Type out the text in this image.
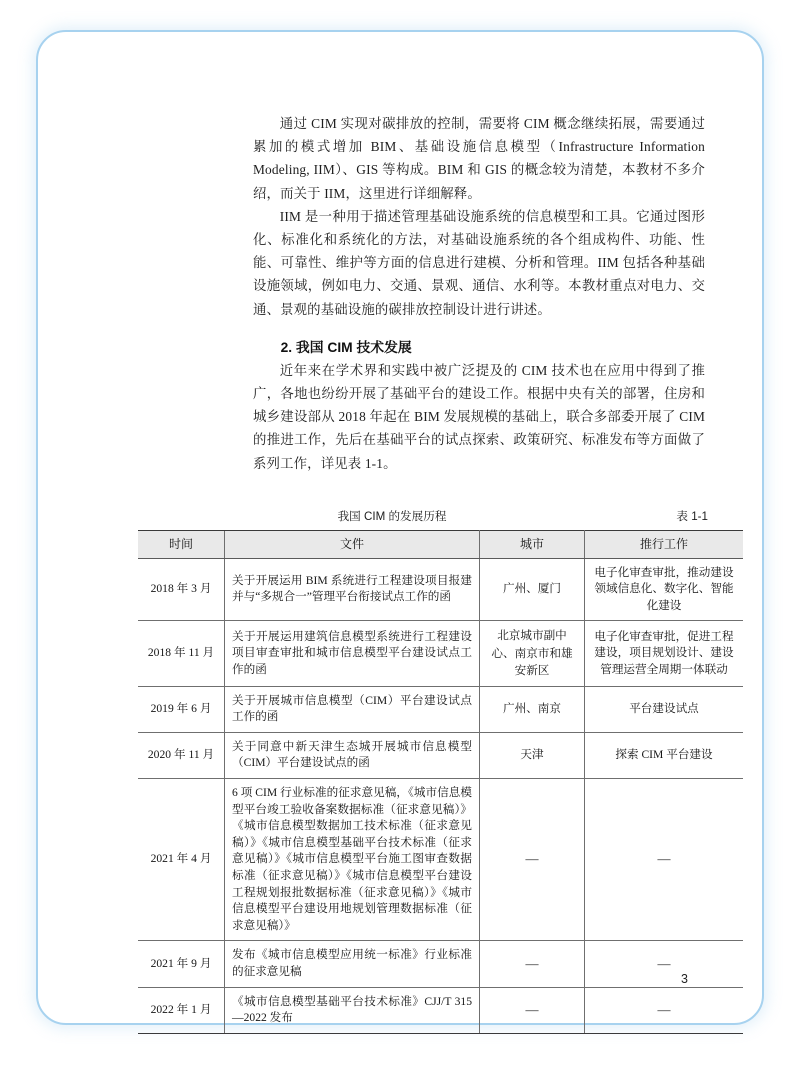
通过 CIM 实现对碳排放的控制，需要将 CIM 概念继续拓展，需要通过累加的模式增加 BIM、基础设施信息模型（Infrastructure Information Modeling, IIM）、GIS 等构成。BIM 和 GIS 的概念较为清楚，本教材不多介绍，而关于 IIM，这里进行详细解释。

IIM 是一种用于描述管理基础设施系统的信息模型和工具。它通过图形化、标准化和系统化的方法，对基础设施系统的各个组成构件、功能、性能、可靠性、维护等方面的信息进行建模、分析和管理。IIM 包括各种基础设施领域，例如电力、交通、景观、通信、水利等。本教材重点对电力、交通、景观的基础设施的碳排放控制设计进行讲述。

2. 我国 CIM 技术发展

近年来在学术界和实践中被广泛提及的 CIM 技术也在应用中得到了推广，各地也纷纷开展了基础平台的建设工作。根据中央有关的部署，住房和城乡建设部从 2018 年起在 BIM 发展规模的基础上，联合多部委开展了 CIM 的推进工作，先后在基础平台的试点探索、政策研究、标准发布等方面做了系列工作，详见表 1-1。

我国 CIM 的发展历程	表 1-1
时间	文件	城市	推行工作
2018 年 3 月	关于开展运用 BIM 系统进行工程建设项目报建并与“多规合一”管理平台衔接试点工作的函	广州、厦门	电子化审查审批，推动建设领域信息化、数字化、智能化建设
2018 年 11 月	关于开展运用建筑信息模型系统进行工程建设项目审查审批和城市信息模型平台建设试点工作的函	北京城市副中心、南京市和雄安新区	电子化审查审批，促进工程建设，项目规划设计、建设管理运营全周期一体联动
2019 年 6 月	关于开展城市信息模型（CIM）平台建设试点工作的函	广州、南京	平台建设试点
2020 年 11 月	关于同意中新天津生态城开展城市信息模型（CIM）平台建设试点的函	天津	探索 CIM 平台建设
2021 年 4 月	6 项 CIM 行业标准的征求意见稿，《城市信息模型平台竣工验收备案数据标准（征求意见稿）》《城市信息模型数据加工技术标准（征求意见稿）》《城市信息模型基础平台技术标准（征求意见稿）》《城市信息模型平台施工图审查数据标准（征求意见稿）》《城市信息模型平台建设工程规划报批数据标准（征求意见稿）》《城市信息模型平台建设用地规划管理数据标准（征求意见稿）》	—	—
2021 年 9 月	发布《城市信息模型应用统一标准》行业标准的征求意见稿	—	—
2022 年 1 月	《城市信息模型基础平台技术标准》CJJ/T 315—2022 发布	—	—
3
